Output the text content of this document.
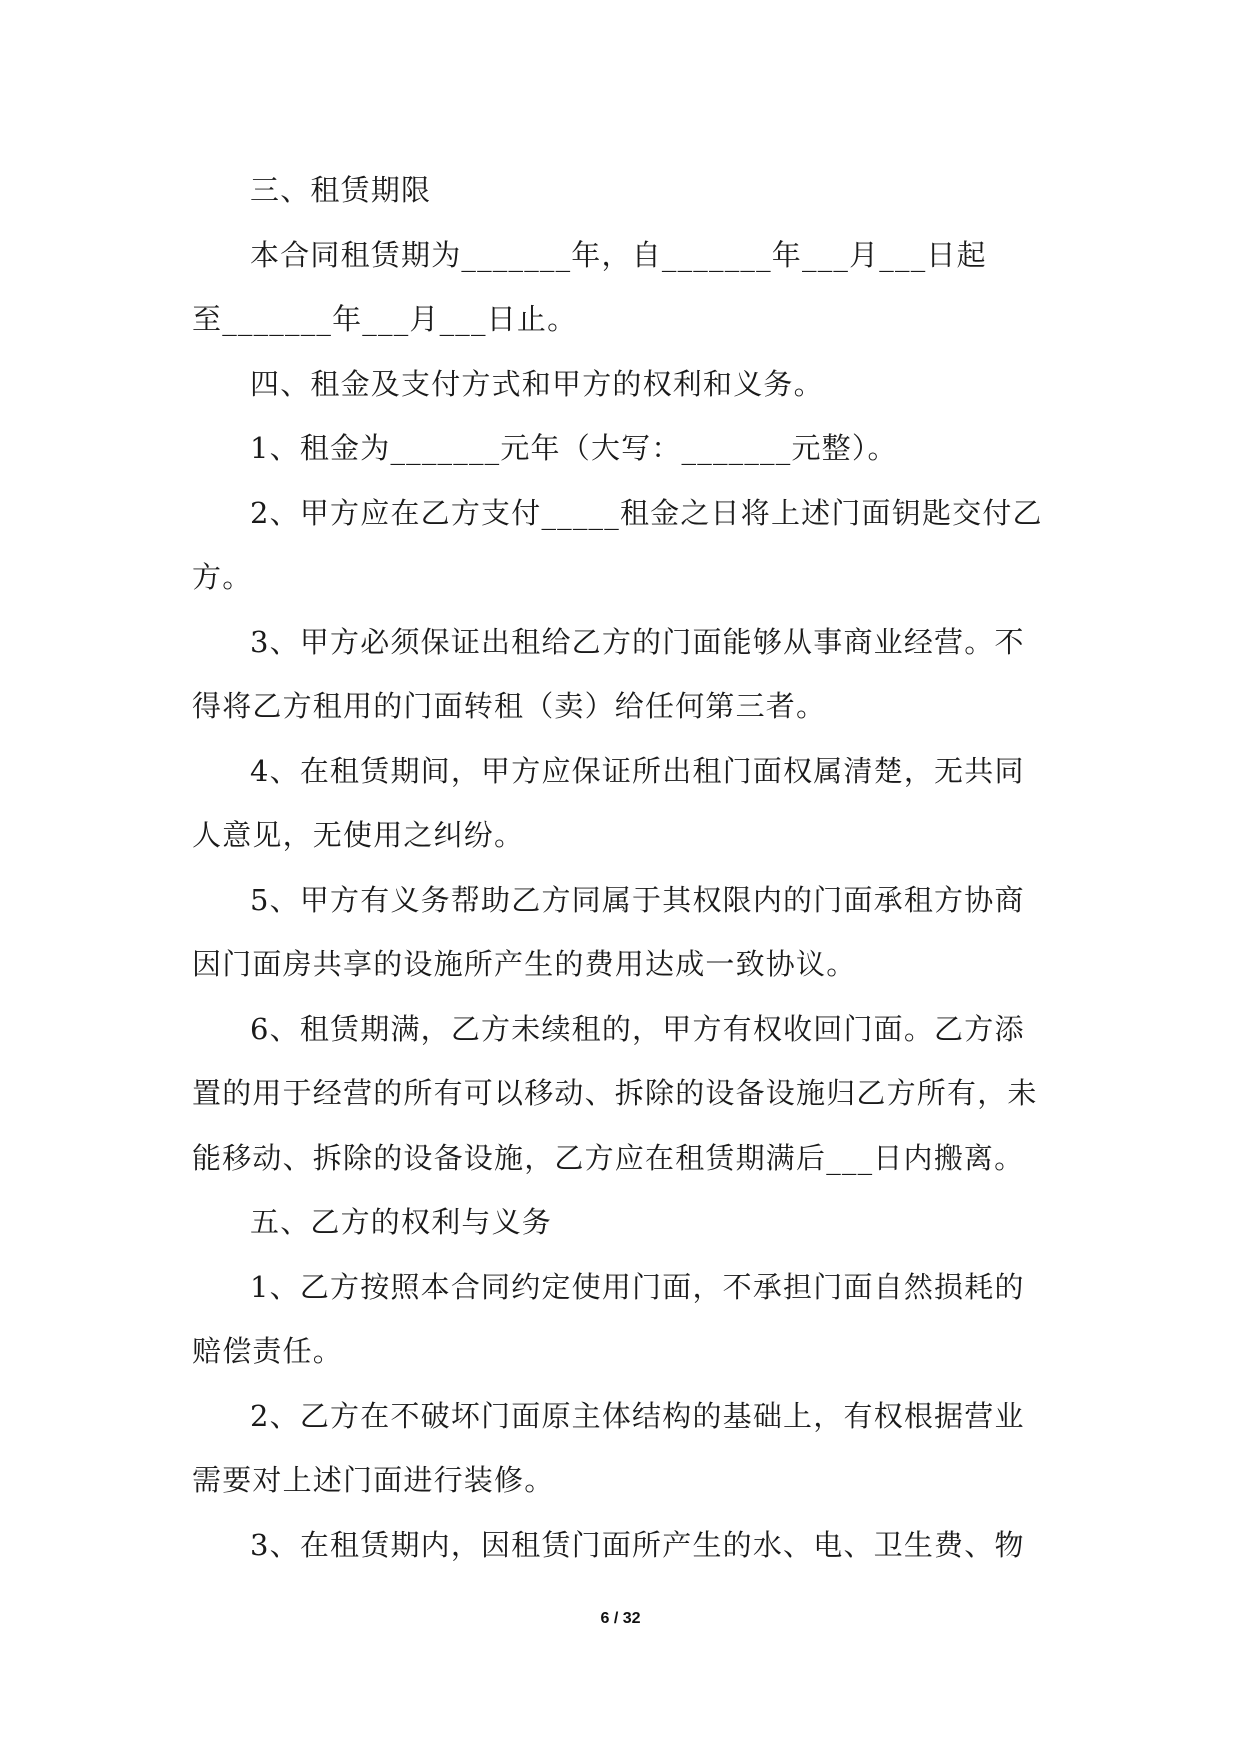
三、租赁期限
本合同租赁期为_______年，自_______年___月___日起
至_______年___月___日止。
四、租金及支付方式和甲方的权利和义务。
1、租金为_______元年（大写：_______元整）。
2、甲方应在乙方支付_____租金之日将上述门面钥匙交付乙
方。
3、甲方必须保证出租给乙方的门面能够从事商业经营。不
得将乙方租用的门面转租（卖）给任何第三者。
4、在租赁期间，甲方应保证所出租门面权属清楚，无共同
人意见，无使用之纠纷。
5、甲方有义务帮助乙方同属于其权限内的门面承租方协商
因门面房共享的设施所产生的费用达成一致协议。
6、租赁期满，乙方未续租的，甲方有权收回门面。乙方添
置的用于经营的所有可以移动、拆除的设备设施归乙方所有，未
能移动、拆除的设备设施，乙方应在租赁期满后___日内搬离。
五、乙方的权利与义务
1、乙方按照本合同约定使用门面，不承担门面自然损耗的
赔偿责任。
2、乙方在不破坏门面原主体结构的基础上，有权根据营业
需要对上述门面进行装修。
3、在租赁期内，因租赁门面所产生的水、电、卫生费、物
6 / 32
